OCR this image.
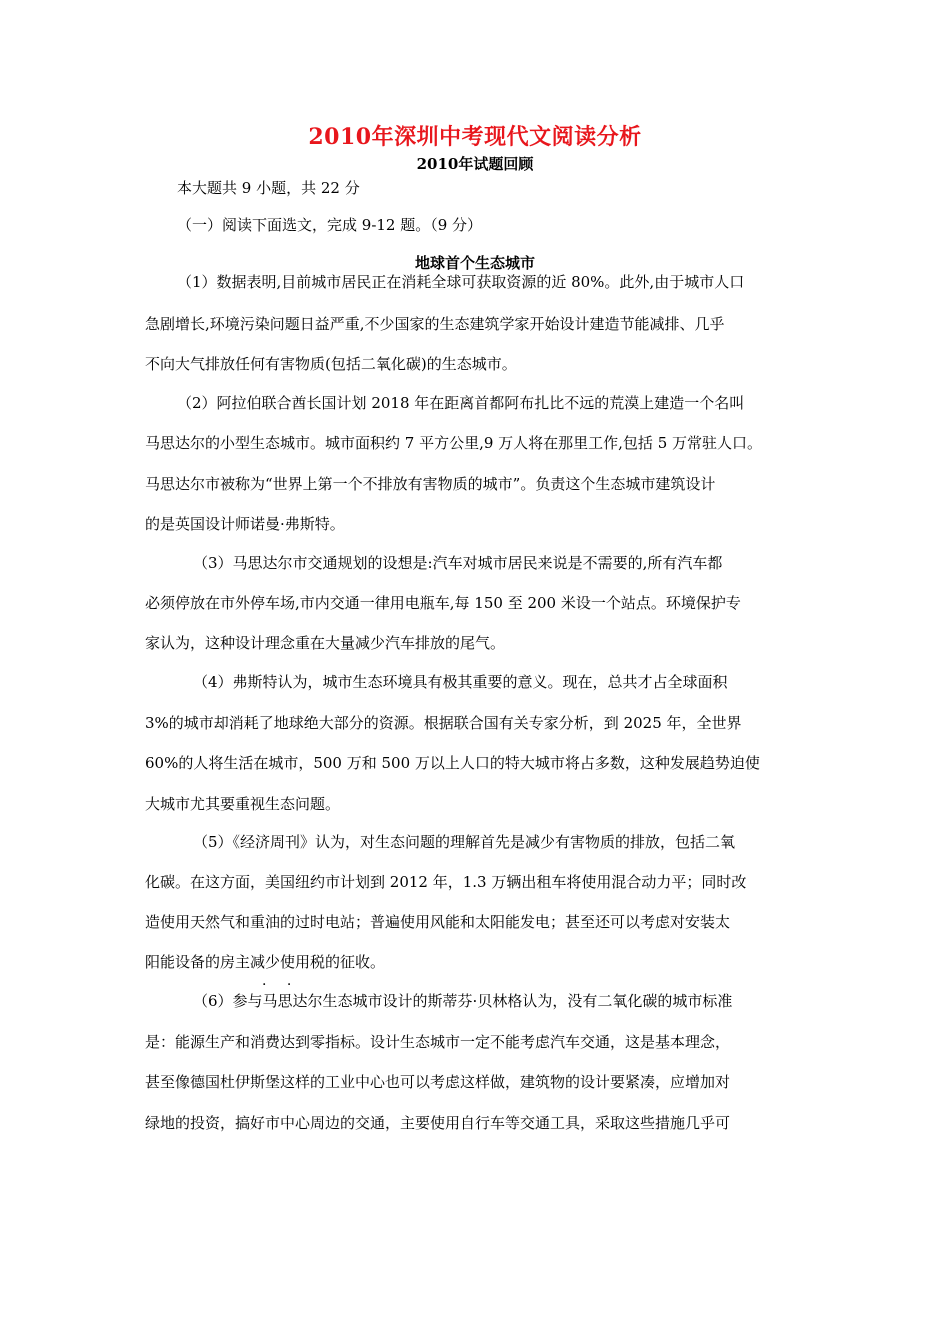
2010年深圳中考现代文阅读分析
2010年试题回顾
本大题共 9 小题，共 22 分
（一）阅读下面选文，完成 9-12 题。（9 分）
地球首个生态城市
（1）数据表明,目前城市居民正在消耗全球可获取资源的近 80%。此外,由于城市人口
急剧增长,环境污染问题日益严重,不少国家的生态建筑学家开始设计建造节能减排、几乎
不向大气排放任何有害物质(包括二氧化碳)的生态城市。
（2）阿拉伯联合酋长国计划 2018 年在距离首都阿布扎比不远的荒漠上建造一个名叫
马思达尔的小型生态城市。城市面积约 7 平方公里,9 万人将在那里工作,包括 5 万常驻人口。
马思达尔市被称为“世界上第一个不排放有害物质的城市”。负责这个生态城市建筑设计
的是英国设计师诺曼·弗斯特。
（3）马思达尔市交通规划的设想是:汽车对城市居民来说是不需要的,所有汽车都
必须停放在市外停车场,市内交通一律用电瓶车,每 150 至 200 米设一个站点。环境保护专
家认为，这种设计理念重在大量减少汽车排放的尾气。
（4）弗斯特认为，城市生态环境具有极其重要的意义。现在，总共才占全球面积
3%的城市却消耗了地球绝大部分的资源。根据联合国有关专家分析，到 2025 年，全世界
60%的人将生活在城市，500 万和 500 万以上人口的特大城市将占多数，这种发展趋势迫使
大城市尤其要重视生态问题。
（5）《经济周刊》认为，对生态问题的理解首先是减少有害物质的排放，包括二氧
化碳。在这方面，美国纽约市计划到 2012 年，1.3 万辆出租车将使用混合动力平；同时改
造使用天然气和重油的过时电站；普遍使用风能和太阳能发电；甚至还可以考虑对安装太
阳能设备的房主减少使用税的征收。
· ·
（6）参与马思达尔生态城市设计的斯蒂芬·贝林格认为，没有二氧化碳的城市标准
是：能源生产和消费达到零指标。设计生态城市一定不能考虑汽车交通，这是基本理念，
甚至像德国杜伊斯堡这样的工业中心也可以考虑这样做，建筑物的设计要紧凑，应增加对
绿地的投资，搞好市中心周边的交通，主要使用自行车等交通工具，采取这些措施几乎可
